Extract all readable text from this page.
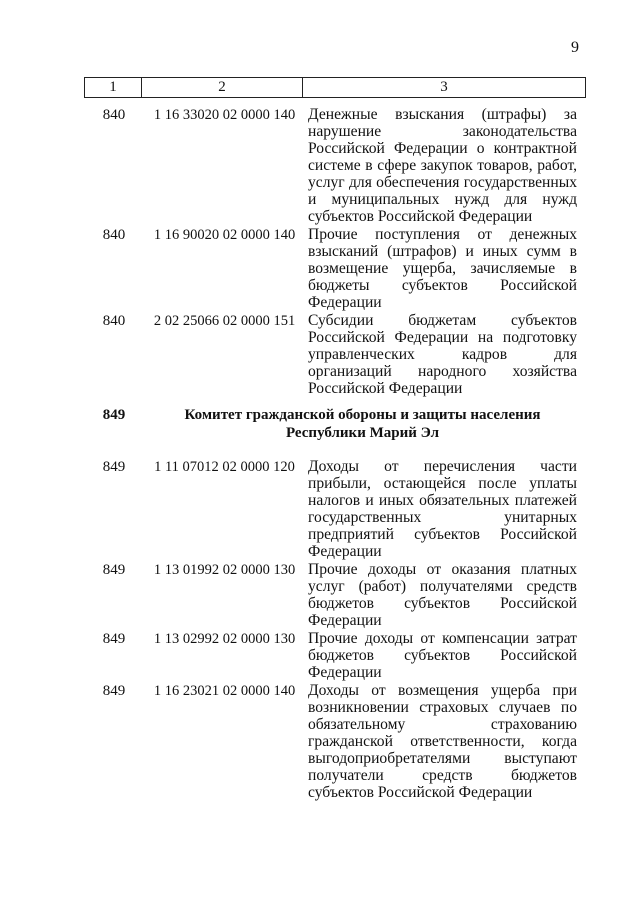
9
1	2	3
840	1 16 33020 02 0000 140 Денежные взыскания (штрафы) за нарушение законодательства Российской Федерации о контрактной системе в сфере закупок товаров, работ, услуг для обеспечения государственных и муниципальных нужд для нужд субъектов Российской Федерации
840	1 16 90020 02 0000 140 Прочие поступления от денежных взысканий (штрафов) и иных сумм в возмещение ущерба, зачисляемые в бюджеты субъектов Российской Федерации
840	2 02 25066 02 0000 151 Субсидии бюджетам субъектов Российской Федерации на подготовку управленческих кадров для организаций народного хозяйства Российской Федерации
849	Комитет гражданской обороны и защиты населения
Республики Марий Эл
849	1 11 07012 02 0000 120 Доходы от перечисления части прибыли, остающейся после уплаты налогов и иных обязательных платежей государственных унитарных предприятий субъектов Российской Федерации
849	1 13 01992 02 0000 130 Прочие доходы от оказания платных услуг (работ) получателями средств бюджетов субъектов Российской Федерации
849	1 13 02992 02 0000 130 Прочие доходы от компенсации затрат бюджетов субъектов Российской Федерации
849	1 16 23021 02 0000 140 Доходы от возмещения ущерба при возникновении страховых случаев по обязательному страхованию гражданской ответственности, когда выгодоприобретателями выступают получатели средств бюджетов субъектов Российской Федерации
